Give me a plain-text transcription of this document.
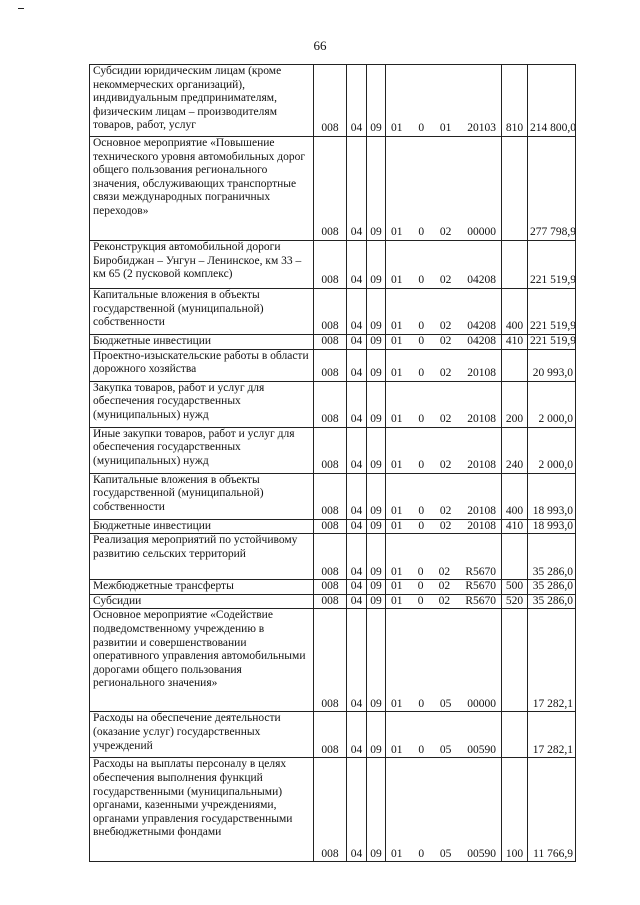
66
Субсидии юридическим лицам (кроме некоммерческих организаций), индивидуальным предпринимателям, физическим лицам – производителям товаров, работ, услуг	008	04	09	01 0 01 20103	810	214 800,0

Основное мероприятие «Повышение технического уровня автомобильных дорог общего пользования регионального значения, обслуживающих транспортные связи международных пограничных переходов»	008	04	09	01 0 02 00000		277 798,9

Реконструкция автомобильной дороги Биробиджан – Унгун – Ленинское, км 33 – км 65 (2 пусковой комплекс)	008	04	09	01 0 02 04208		221 519,9

Капитальные вложения в объекты государственной (муниципальной) собственности	008	04	09	01 0 02 04208	400	221 519,9

Бюджетные инвестиции	008	04	09	01 0 02 04208	410	221 519,9

Проектно-изыскательские работы в области дорожного хозяйства	008	04	09	01 0 02 20108		20 993,0

Закупка товаров, работ и услуг для обеспечения государственных (муниципальных) нужд	008	04	09	01 0 02 20108	200	2 000,0

Иные закупки товаров, работ и услуг для обеспечения государственных (муниципальных) нужд	008	04	09	01 0 02 20108	240	2 000,0

Капитальные вложения в объекты государственной (муниципальной) собственности	008	04	09	01 0 02 20108	400	18 993,0

Бюджетные инвестиции	008	04	09	01 0 02 20108	410	18 993,0

Реализация мероприятий по устойчивому развитию сельских территорий	008	04	09	01 0 02 R5670		35 286,0

Межбюджетные трансферты	008	04	09	01 0 02 R5670	500	35 286,0

Субсидии	008	04	09	01 0 02 R5670	520	35 286,0

Основное мероприятие «Содействие подведомственному учреждению в развитии и совершенствовании оперативного управления автомобильными дорогами общего пользования регионального значения»	008	04	09	01 0 05 00000		17 282,1

Расходы на обеспечение деятельности (оказание услуг) государственных учреждений	008	04	09	01 0 05 00590		17 282,1

Расходы на выплаты персоналу в целях обеспечения выполнения функций государственными (муниципальными) органами, казенными учреждениями, органами управления государственными внебюджетными фондами	008	04	09	01 0 05 00590	100	11 766,9
